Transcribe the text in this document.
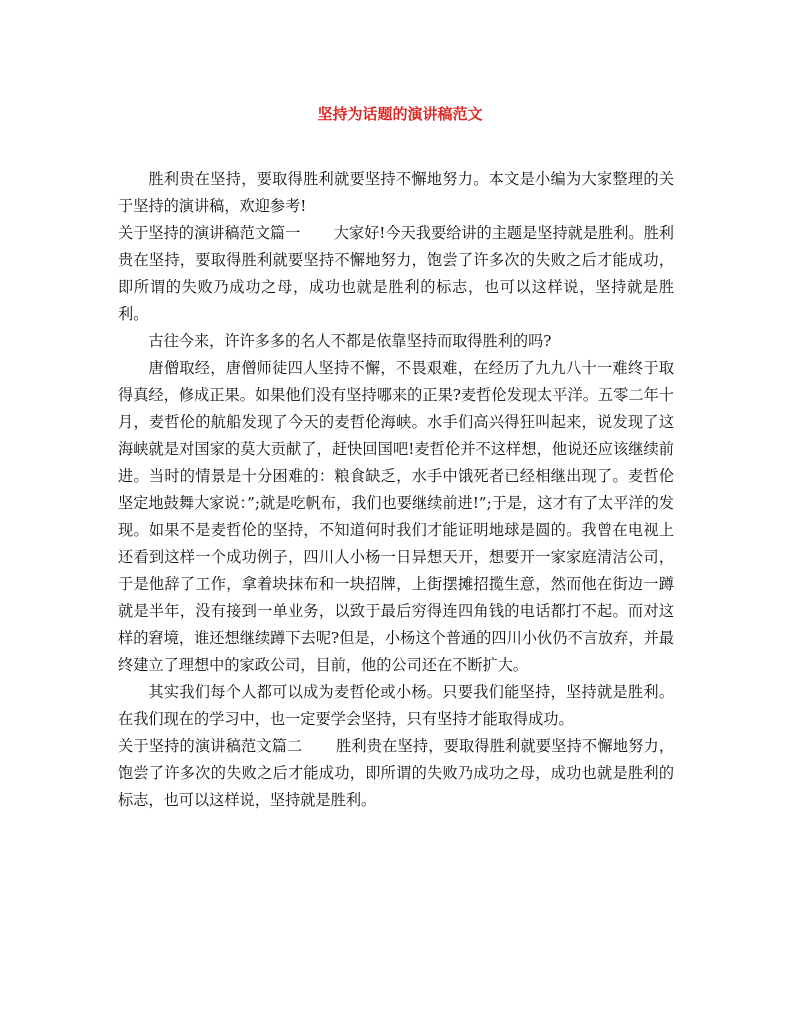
坚持为话题的演讲稿范文

胜利贵在坚持，要取得胜利就要坚持不懈地努力。本文是小编为大家整理的关于坚持的演讲稿，欢迎参考!

关于坚持的演讲稿范文篇一 大家好!今天我要给讲的主题是坚持就是胜利。胜利贵在坚持，要取得胜利就要坚持不懈地努力，饱尝了许多次的失败之后才能成功，即所谓的失败乃成功之母，成功也就是胜利的标志，也可以这样说，坚持就是胜利。

古往今来，许许多多的名人不都是依靠坚持而取得胜利的吗?

唐僧取经，唐僧师徒四人坚持不懈，不畏艰难，在经历了九九八十一难终于取得真经，修成正果。如果他们没有坚持哪来的正果?麦哲伦发现太平洋。五零二年十月，麦哲伦的航船发现了今天的麦哲伦海峡。水手们高兴得狂叫起来，说发现了这海峡就是对国家的莫大贡献了，赶快回国吧!麦哲伦并不这样想，他说还应该继续前进。当时的情景是十分困难的：粮食缺乏，水手中饿死者已经相继出现了。麦哲伦坚定地鼓舞大家说：”;就是吃帆布，我们也要继续前进!”;于是，这才有了太平洋的发现。如果不是麦哲伦的坚持，不知道何时我们才能证明地球是圆的。我曾在电视上还看到这样一个成功例子，四川人小杨一日异想天开，想要开一家家庭清洁公司，于是他辞了工作，拿着块抹布和一块招牌，上街摆摊招揽生意，然而他在街边一蹲就是半年，没有接到一单业务，以致于最后穷得连四角钱的电话都打不起。而对这样的窘境，谁还想继续蹲下去呢?但是，小杨这个普通的四川小伙仍不言放弃，并最终建立了理想中的家政公司，目前，他的公司还在不断扩大。

其实我们每个人都可以成为麦哲伦或小杨。只要我们能坚持，坚持就是胜利。在我们现在的学习中，也一定要学会坚持，只有坚持才能取得成功。

关于坚持的演讲稿范文篇二 胜利贵在坚持，要取得胜利就要坚持不懈地努力，饱尝了许多次的失败之后才能成功，即所谓的失败乃成功之母，成功也就是胜利的标志，也可以这样说，坚持就是胜利。
